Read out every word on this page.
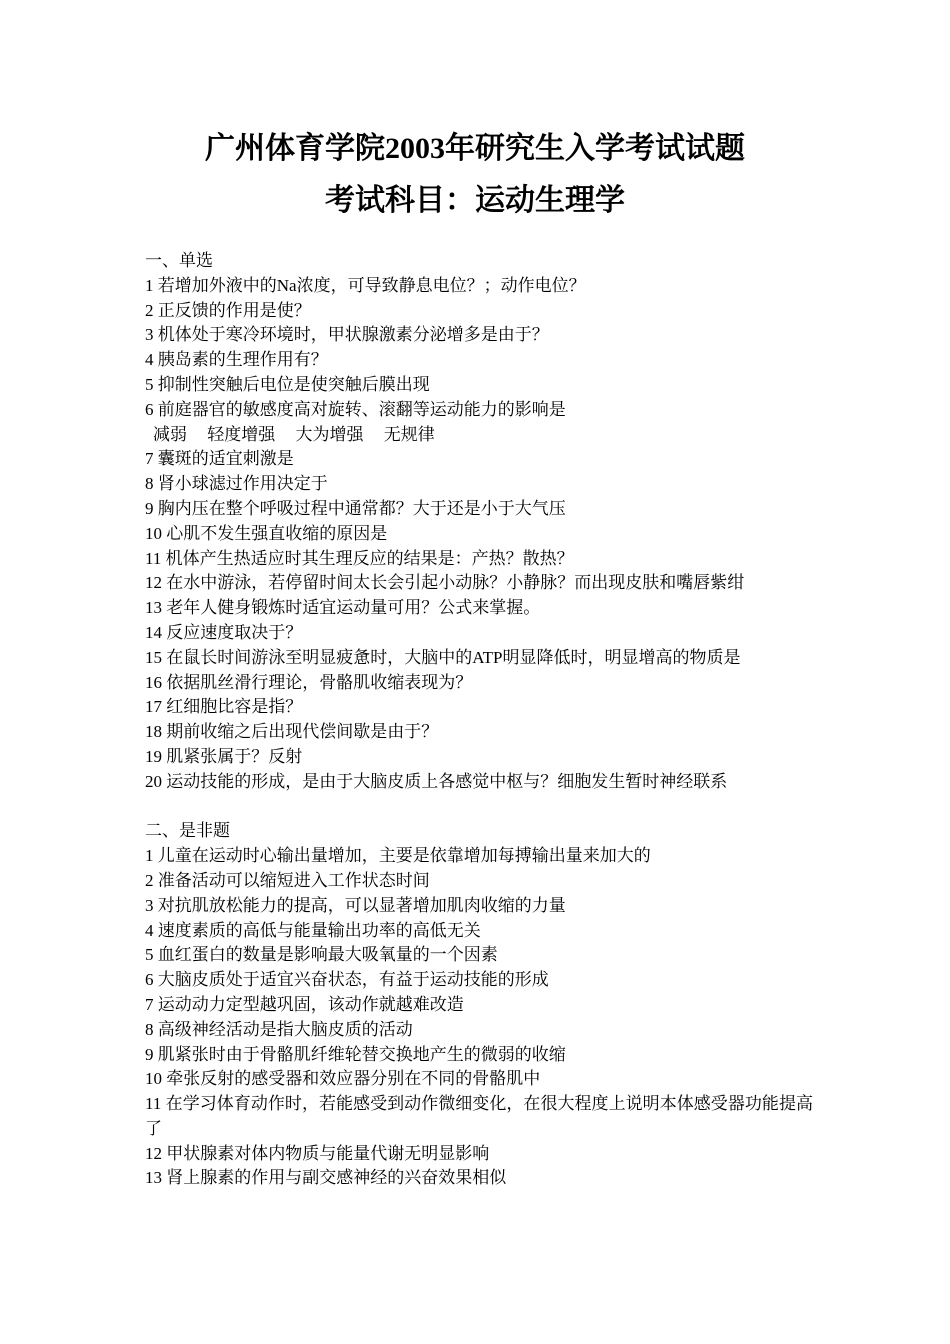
广州体育学院2003年研究生入学考试试题
考试科目：运动生理学

一、单选

1 若增加外液中的Na浓度，可导致静息电位？；动作电位？

2 正反馈的作用是使？

3 机体处于寒冷环境时，甲状腺激素分泌增多是由于？

4 胰岛素的生理作用有？

5 抑制性突触后电位是使突触后膜出现

6 前庭器官的敏感度高对旋转、滚翻等运动能力的影响是

减弱 轻度增强 大为增强 无规律

7 囊斑的适宜刺激是

8 肾小球滤过作用决定于

9 胸内压在整个呼吸过程中通常都？大于还是小于大气压

10 心肌不发生强直收缩的原因是

11 机体产生热适应时其生理反应的结果是：产热？散热？

12 在水中游泳，若停留时间太长会引起小动脉？小静脉？而出现皮肤和嘴唇紫绀

13 老年人健身锻炼时适宜运动量可用？公式来掌握。

14 反应速度取决于？

15 在鼠长时间游泳至明显疲惫时，大脑中的ATP明显降低时，明显增高的物质是

16 依据肌丝滑行理论，骨骼肌收缩表现为？

17 红细胞比容是指？

18 期前收缩之后出现代偿间歇是由于？

19 肌紧张属于？反射

20 运动技能的形成，是由于大脑皮质上各感觉中枢与？细胞发生暂时神经联系

二、是非题

1 儿童在运动时心输出量增加，主要是依靠增加每搏输出量来加大的

2 准备活动可以缩短进入工作状态时间

3 对抗肌放松能力的提高，可以显著增加肌肉收缩的力量

4 速度素质的高低与能量输出功率的高低无关

5 血红蛋白的数量是影响最大吸氧量的一个因素

6 大脑皮质处于适宜兴奋状态，有益于运动技能的形成

7 运动动力定型越巩固，该动作就越难改造

8 高级神经活动是指大脑皮质的活动

9 肌紧张时由于骨骼肌纤维轮替交换地产生的微弱的收缩

10 牵张反射的感受器和效应器分别在不同的骨骼肌中

11 在学习体育动作时，若能感受到动作微细变化，在很大程度上说明本体感受器功能提高了

12 甲状腺素对体内物质与能量代谢无明显影响

13 肾上腺素的作用与副交感神经的兴奋效果相似
